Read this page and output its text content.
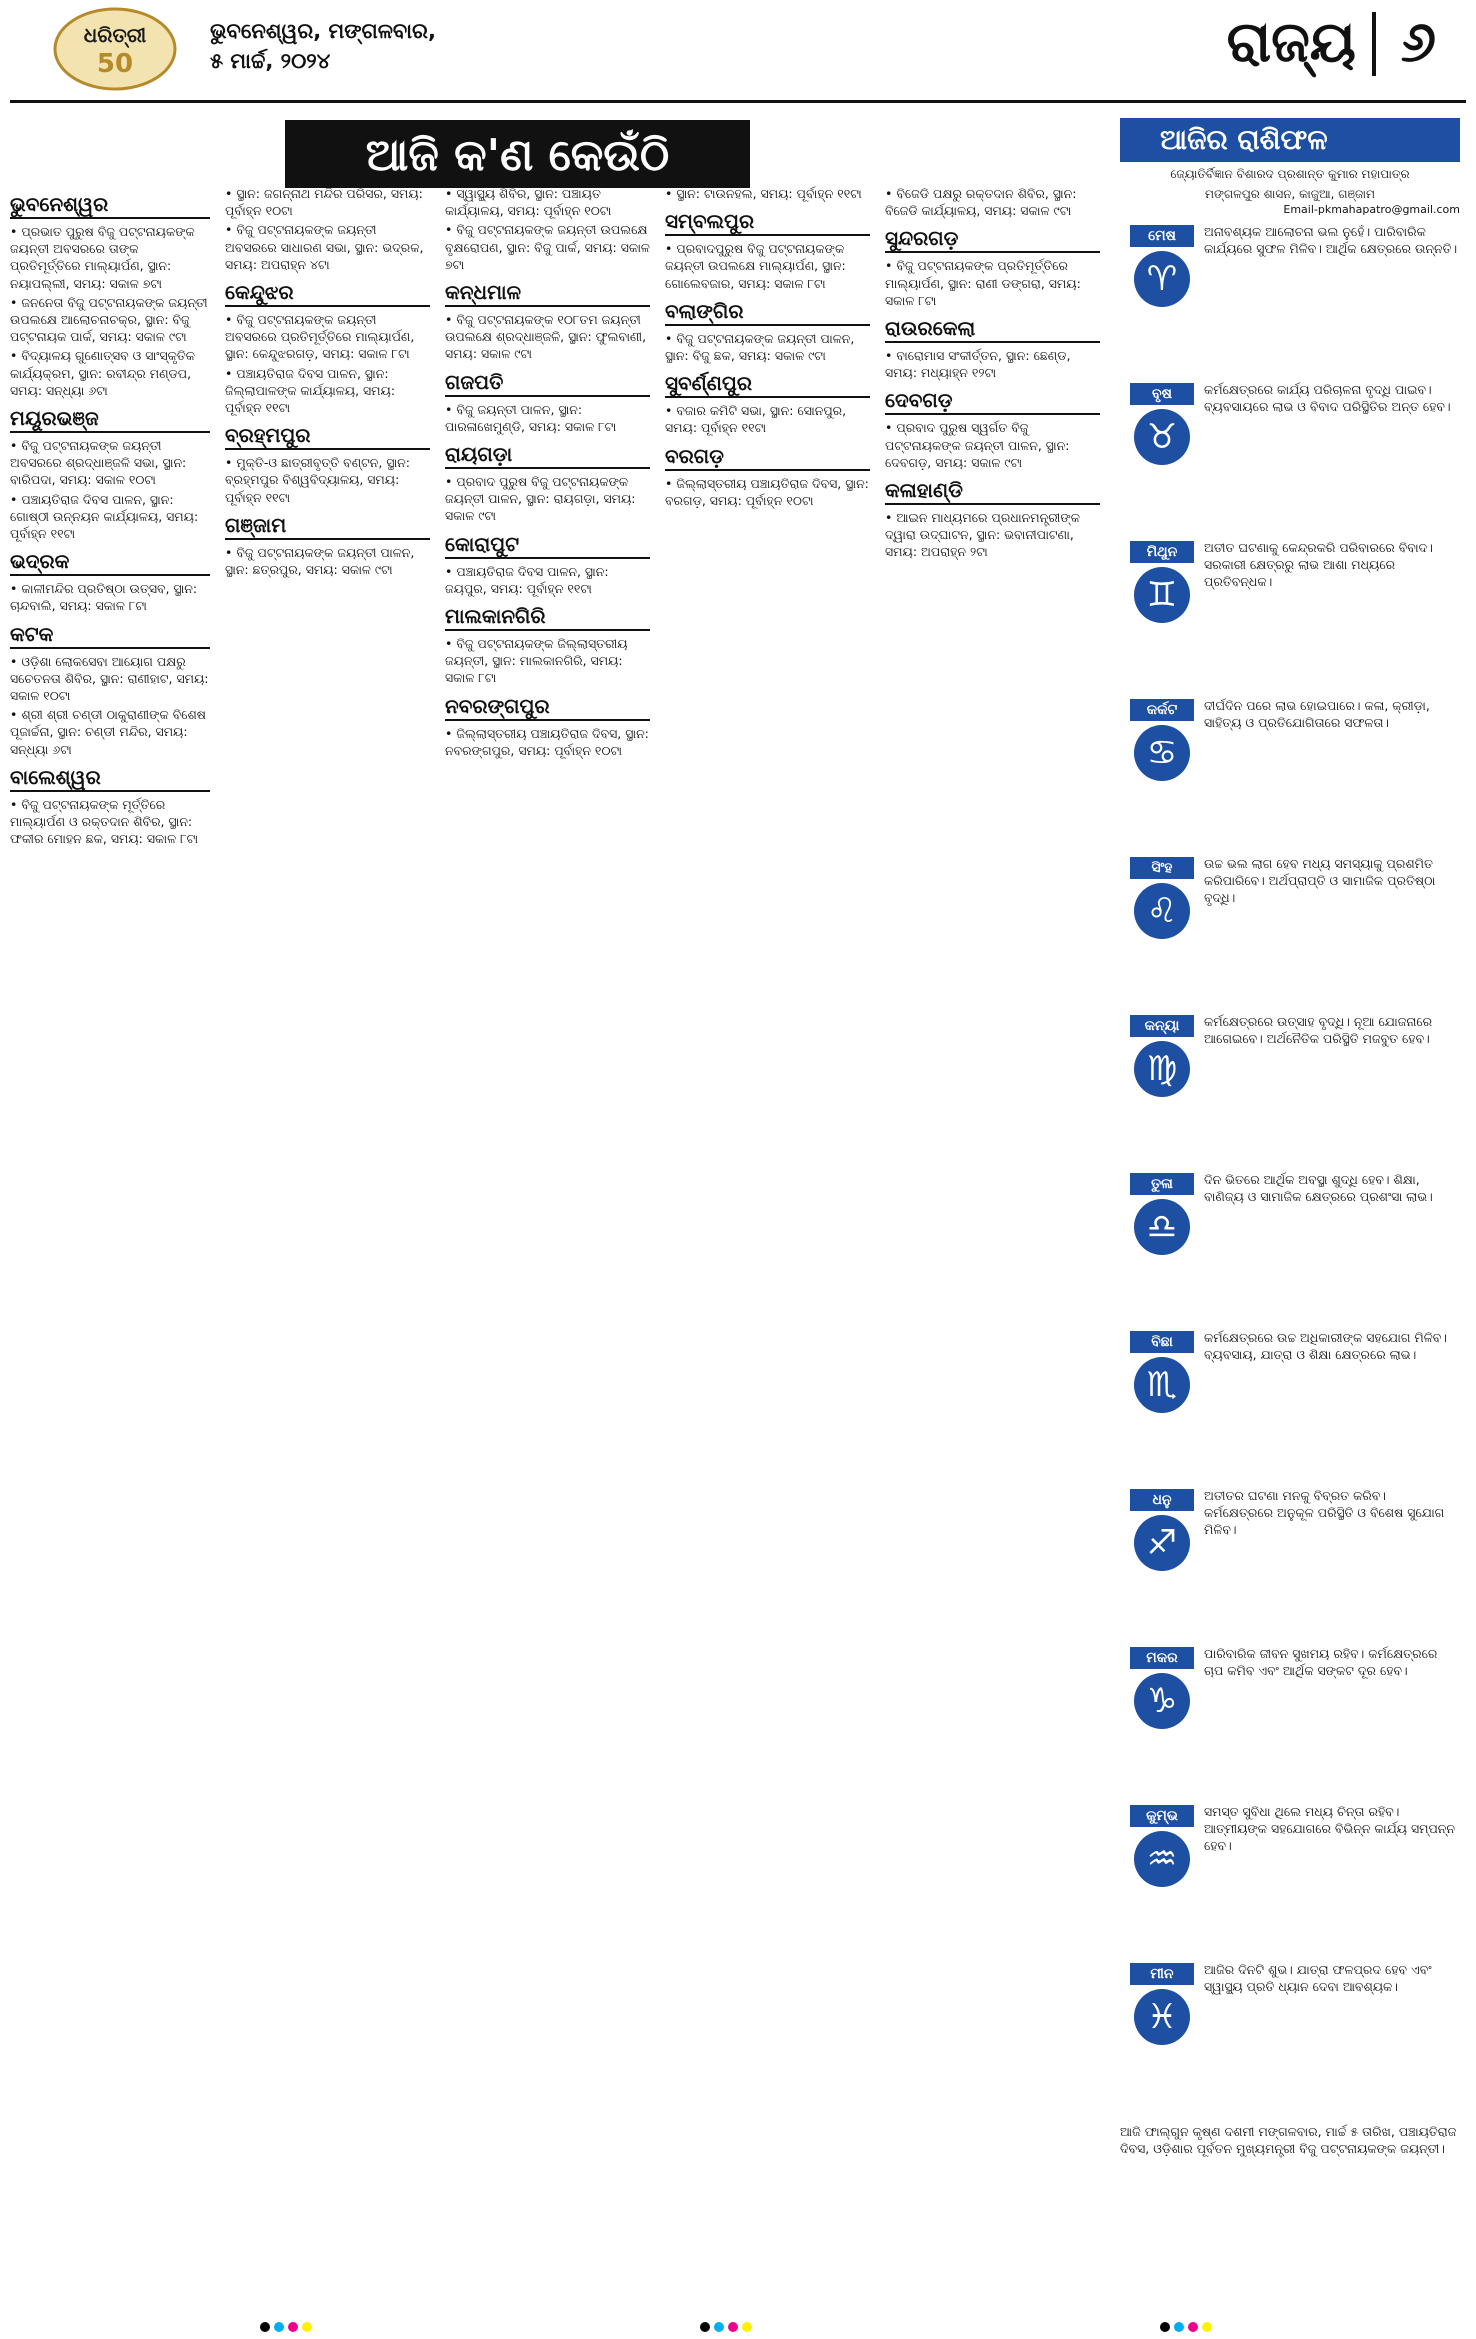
ଧରିତ୍ରୀ
50
ଭୁବନେଶ୍ୱର, ମଙ୍ଗଳବାର,
୫ ମାର୍ଚ୍ଚ, ୨୦୨୪	ରାଜ୍ୟ ୬
ଆଜି କ'ଣ କେଉଁଠି
ଭୁବନେଶ୍ୱର
• ପ୍ରଭାତ ପୁରୁଷ ବିଜୁ ପଟ୍ଟନାୟକଙ୍କ ଜୟନ୍ତୀ ଅବସରରେ ତାଙ୍କ ପ୍ରତିମୂର୍ତ୍ତିରେ ମାଲ୍ୟାର୍ପଣ, ସ୍ଥାନ: ନୟାପଲ୍ଲୀ, ସମୟ: ସକାଳ ୭ଟା
• ଜନନେତା ବିଜୁ ପଟ୍ଟନାୟକଙ୍କ ଜୟନ୍ତୀ ଉପଲକ୍ଷେ ଆଲୋଚନାଚକ୍ର, ସ୍ଥାନ: ବିଜୁ ପଟ୍ଟନାୟକ ପାର୍କ, ସମୟ: ସକାଳ ୯ଟା
• ବିଦ୍ୟାଳୟ ଗୁଣୋତ୍ସବ ଓ ସାଂସ୍କୃତିକ କାର୍ଯ୍ୟକ୍ରମ, ସ୍ଥାନ: ରବୀନ୍ଦ୍ର ମଣ୍ଡପ, ସମୟ: ସନ୍ଧ୍ୟା ୬ଟା
ମୟୂରଭଞ୍ଜ
• ବିଜୁ ପଟ୍ଟନାୟକଙ୍କ ଜୟନ୍ତୀ ଅବସରରେ ଶ୍ରଦ୍ଧାଞ୍ଜଳି ସଭା, ସ୍ଥାନ: ବାରିପଦା, ସମୟ: ସକାଳ ୧୦ଟା
• ପଞ୍ଚାୟତିରାଜ ଦିବସ ପାଳନ, ସ୍ଥାନ: ଗୋଷ୍ଠୀ ଉନ୍ନୟନ କାର୍ଯ୍ୟାଳୟ, ସମୟ: ପୂର୍ବାହ୍ନ ୧୧ଟା
ଭଦ୍ରକ
• କାଳୀମନ୍ଦିର ପ୍ରତିଷ୍ଠା ଉତ୍ସବ, ସ୍ଥାନ: ଚାନ୍ଦବାଲି, ସମୟ: ସକାଳ ୮ଟା
କଟକ
• ଓଡ଼ିଶା ଲୋକସେବା ଆୟୋଗ ପକ୍ଷରୁ ସଚେତନତା ଶିବିର, ସ୍ଥାନ: ରାଣୀହାଟ, ସମୟ: ସକାଳ ୧୦ଟା
• ଶ୍ରୀ ଶ୍ରୀ ଚଣ୍ଡୀ ଠାକୁରାଣୀଙ୍କ ବିଶେଷ ପୂଜାର୍ଚ୍ଚନା, ସ୍ଥାନ: ଚଣ୍ଡୀ ମନ୍ଦିର, ସମୟ: ସନ୍ଧ୍ୟା ୬ଟା
ବାଲେଶ୍ୱର
• ବିଜୁ ପଟ୍ଟନାୟକଙ୍କ ମୂର୍ତ୍ତିରେ ମାଲ୍ୟାର୍ପଣ ଓ ରକ୍ତଦାନ ଶିବିର, ସ୍ଥାନ: ଫକୀର ମୋହନ ଛକ, ସମୟ: ସକାଳ ୮ଟା
• ସ୍ଥାନ: ଜଗନ୍ନାଥ ମନ୍ଦିର ପରିସର, ସମୟ: ପୂର୍ବାହ୍ନ ୧୦ଟା
• ବିଜୁ ପଟ୍ଟନାୟକଙ୍କ ଜୟନ୍ତୀ ଅବସରରେ ସାଧାରଣ ସଭା, ସ୍ଥାନ: ଭଦ୍ରକ, ସମୟ: ଅପରାହ୍ନ ୪ଟା
କେନ୍ଦୁଝର
• ବିଜୁ ପଟ୍ଟନାୟକଙ୍କ ଜୟନ୍ତୀ ଅବସରରେ ପ୍ରତିମୂର୍ତ୍ତିରେ ମାଲ୍ୟାର୍ପଣ, ସ୍ଥାନ: କେନ୍ଦୁଝରଗଡ଼, ସମୟ: ସକାଳ ୮ଟା
• ପଞ୍ଚାୟତିରାଜ ଦିବସ ପାଳନ, ସ୍ଥାନ: ଜିଲ୍ଲାପାଳଙ୍କ କାର୍ଯ୍ୟାଳୟ, ସମୟ: ପୂର୍ବାହ୍ନ ୧୧ଟା
ବ୍ରହ୍ମପୁର
• ମୁକ୍ତି-ଓ ଛାତ୍ରୀବୃତ୍ତି ବଣ୍ଟନ, ସ୍ଥାନ: ବ୍ରହ୍ମପୁର ବିଶ୍ୱବିଦ୍ୟାଳୟ, ସମୟ: ପୂର୍ବାହ୍ନ ୧୧ଟା
ଗଞ୍ଜାମ
• ବିଜୁ ପଟ୍ଟନାୟକଙ୍କ ଜୟନ୍ତୀ ପାଳନ, ସ୍ଥାନ: ଛତ୍ରପୁର, ସମୟ: ସକାଳ ୯ଟା
• ସ୍ୱାସ୍ଥ୍ୟ ଶିବିର, ସ୍ଥାନ: ପଞ୍ଚାୟତ କାର୍ଯ୍ୟାଳୟ, ସମୟ: ପୂର୍ବାହ୍ନ ୧୦ଟା
• ବିଜୁ ପଟ୍ଟନାୟକଙ୍କ ଜୟନ୍ତୀ ଉପଲକ୍ଷେ ବୃକ୍ଷରୋପଣ, ସ୍ଥାନ: ବିଜୁ ପାର୍କ, ସମୟ: ସକାଳ ୭ଟା
କନ୍ଧମାଳ
• ବିଜୁ ପଟ୍ଟନାୟକଙ୍କ ୧୦୮ତମ ଜୟନ୍ତୀ ଉପଲକ୍ଷେ ଶ୍ରଦ୍ଧାଞ୍ଜଳି, ସ୍ଥାନ: ଫୁଲବାଣୀ, ସମୟ: ସକାଳ ୯ଟା
ଗଜପତି
• ବିଜୁ ଜୟନ୍ତୀ ପାଳନ, ସ୍ଥାନ: ପାରଳାଖେମୁଣ୍ଡି, ସମୟ: ସକାଳ ୮ଟା
ରାୟଗଡ଼ା
• ପ୍ରବାଦ ପୁରୁଷ ବିଜୁ ପଟ୍ଟନାୟକଙ୍କ ଜୟନ୍ତୀ ପାଳନ, ସ୍ଥାନ: ରାୟଗଡ଼ା, ସମୟ: ସକାଳ ୯ଟା
କୋରାପୁଟ
• ପଞ୍ଚାୟତିରାଜ ଦିବସ ପାଳନ, ସ୍ଥାନ: ଜୟପୁର, ସମୟ: ପୂର୍ବାହ୍ନ ୧୧ଟା
ମାଲକାନଗିରି
• ବିଜୁ ପଟ୍ଟନାୟକଙ୍କ ଜିଲ୍ଲାସ୍ତରୀୟ ଜୟନ୍ତୀ, ସ୍ଥାନ: ମାଲକାନଗିରି, ସମୟ: ସକାଳ ୮ଟା
ନବରଙ୍ଗପୁର
• ଜିଲ୍ଲାସ୍ତରୀୟ ପଞ୍ଚାୟତିରାଜ ଦିବସ, ସ୍ଥାନ: ନବରଙ୍ଗପୁର, ସମୟ: ପୂର୍ବାହ୍ନ ୧୦ଟା
• ସ୍ଥାନ: ଟାଉନହଲ, ସମୟ: ପୂର୍ବାହ୍ନ ୧୧ଟା
ସମ୍ବଲପୁର
• ପ୍ରବାଦପୁରୁଷ ବିଜୁ ପଟ୍ଟନାୟକଙ୍କ ଜୟନ୍ତୀ ଉପଲକ୍ଷେ ମାଲ୍ୟାର୍ପଣ, ସ୍ଥାନ: ଗୋଲେବଜାର, ସମୟ: ସକାଳ ୮ଟା
ବଲାଙ୍ଗିର
• ବିଜୁ ପଟ୍ଟନାୟକଙ୍କ ଜୟନ୍ତୀ ପାଳନ, ସ୍ଥାନ: ବିଜୁ ଛକ, ସମୟ: ସକାଳ ୯ଟା
ସୁବର୍ଣ୍ଣପୁର
• ବଜାର କମିଟି ସଭା, ସ୍ଥାନ: ସୋନପୁର, ସମୟ: ପୂର୍ବାହ୍ନ ୧୧ଟା
ବରଗଡ଼
• ଜିଲ୍ଲାସ୍ତରୀୟ ପଞ୍ଚାୟତିରାଜ ଦିବସ, ସ୍ଥାନ: ବରଗଡ଼, ସମୟ: ପୂର୍ବାହ୍ନ ୧୦ଟା
• ବିଜେଡି ପକ୍ଷରୁ ରକ୍ତଦାନ ଶିବିର, ସ୍ଥାନ: ବିଜେଡି କାର୍ଯ୍ୟାଳୟ, ସମୟ: ସକାଳ ୯ଟା
ସୁନ୍ଦରଗଡ଼
• ବିଜୁ ପଟ୍ଟନାୟକଙ୍କ ପ୍ରତିମୂର୍ତ୍ତିରେ ମାଲ୍ୟାର୍ପଣ, ସ୍ଥାନ: ରାଣୀ ଡଙ୍ଗରା, ସମୟ: ସକାଳ ୮ଟା
ରାଉରକେଲା
• ବାରୋମାସ ସଂକୀର୍ତ୍ତନ, ସ୍ଥାନ: ଛେଣ୍ଡ, ସମୟ: ମଧ୍ୟାହ୍ନ ୧୨ଟା
ଦେବଗଡ଼
• ପ୍ରବାଦ ପୁରୁଷ ସ୍ୱର୍ଗତ ବିଜୁ ପଟ୍ଟନାୟକଙ୍କ ଜୟନ୍ତୀ ପାଳନ, ସ୍ଥାନ: ଦେବଗଡ଼, ସମୟ: ସକାଳ ୯ଟା
କଳାହାଣ୍ଡି
• ଆଇନ ମାଧ୍ୟମରେ ପ୍ରଧାନମନ୍ତ୍ରୀଙ୍କ ଦ୍ୱାରା ଉଦ୍‌ଘାଟନ, ସ୍ଥାନ: ଭବାନୀପାଟଣା, ସମୟ: ଅପରାହ୍ନ ୨ଟା
ଆଜିର ରାଶିଫଳ
ଜ୍ୟୋତିର୍ବିଜ୍ଞାନ ବିଶାରଦ ପ୍ରଶାନ୍ତ କୁମାର ମହାପାତ୍ର
ମଙ୍ଗଳପୁର ଶାସନ, କାଜୁଆ, ଗଞ୍ଜାମ
Email-pkmahapatro@gmail.com
ମେଷ
♈
ଅନାବଶ୍ୟକ ଆଲୋଚନା ଭଲ ନୁହେଁ। ପାରିବାରିକ କାର୍ଯ୍ୟରେ ସୁଫଳ ମିଳିବ। ଆର୍ଥିକ କ୍ଷେତ୍ରରେ ଉନ୍ନତି।
ବୃଷ
♉
କର୍ମକ୍ଷେତ୍ରରେ କାର୍ଯ୍ୟ ପରିଚାଳନା ବୃଦ୍ଧି ପାଇବ। ବ୍ୟବସାୟରେ ଲାଭ ଓ ବିବାଦ ପରିସ୍ଥିତିର ଅନ୍ତ ହେବ।
ମିଥୁନ
♊
ଅତୀତ ଘଟଣାକୁ କେନ୍ଦ୍ରକରି ପରିବାରରେ ବିବାଦ। ସରକାରୀ କ୍ଷେତ୍ରରୁ ଲାଭ ଆଶା ମଧ୍ୟରେ ପ୍ରତିବନ୍ଧକ।
କର୍କଟ
♋
ଦୀର୍ଘଦିନ ପରେ ଲାଭ ହୋଇପାରେ। କଳା, କ୍ରୀଡ଼ା, ସାହିତ୍ୟ ଓ ପ୍ରତିଯୋଗିତାରେ ସଫଳତା।
ସିଂହ
♌
ଉଚ୍ଚ ଭଲ ଲାଗ ହେବ ମଧ୍ୟ ସମସ୍ୟାକୁ ପ୍ରଶମିତ କରିପାରିବେ। ଅର୍ଥପ୍ରାପ୍ତି ଓ ସାମାଜିକ ପ୍ରତିଷ୍ଠା ବୃଦ୍ଧି।
କନ୍ୟା
♍
କର୍ମକ୍ଷେତ୍ରରେ ଉତ୍ସାହ ବୃଦ୍ଧି। ନୂଆ ଯୋଜନାରେ ଆଗେଇବେ। ଅର୍ଥନୈତିକ ପରିସ୍ଥିତି ମଜବୁତ ହେବ।
ତୁଳା
♎
ଦିନ ଭିତରେ ଆର୍ଥିକ ଅବସ୍ଥା ଶୁଦ୍ଧି ହେବ। ଶିକ୍ଷା, ବାଣିଜ୍ୟ ଓ ସାମାଜିକ କ୍ଷେତ୍ରରେ ପ୍ରଶଂସା ଲାଭ।
ବିଛା
♏
କର୍ମକ୍ଷେତ୍ରରେ ଉଚ୍ଚ ଅଧିକାରୀଙ୍କ ସହଯୋଗ ମିଳିବ। ବ୍ୟବସାୟ, ଯାତ୍ରା ଓ ଶିକ୍ଷା କ୍ଷେତ୍ରରେ ଲାଭ।
ଧନୁ
♐
ଅତୀତର ଘଟଣା ମନକୁ ବିବ୍ରତ କରିବ। କର୍ମକ୍ଷେତ୍ରରେ ଅନୁକୂଳ ପରିସ୍ଥିତି ଓ ବିଶେଷ ସୁଯୋଗ ମିଳିବ।
ମକର
♑
ପାରିବାରିକ ଜୀବନ ସୁଖମୟ ରହିବ। କର୍ମକ୍ଷେତ୍ରରେ ଚାପ କମିବ ଏବଂ ଆର୍ଥିକ ସଙ୍କଟ ଦୂର ହେବ।
କୁମ୍ଭ
♒
ସମସ୍ତ ସୁବିଧା ଥିଲେ ମଧ୍ୟ ଚିନ୍ତା ରହିବ। ଆତ୍ମୀୟଙ୍କ ସହଯୋଗରେ ବିଭିନ୍ନ କାର୍ଯ୍ୟ ସମ୍ପନ୍ନ ହେବ।
ମୀନ
♓
ଆଜିର ଦିନଟି ଶୁଭ। ଯାତ୍ରା ଫଳପ୍ରଦ ହେବ ଏବଂ ସ୍ୱାସ୍ଥ୍ୟ ପ୍ରତି ଧ୍ୟାନ ଦେବା ଆବଶ୍ୟକ।
ଆଜି ଫାଲ୍‌ଗୁନ କୃଷ୍ଣ ଦଶମୀ ମଙ୍ଗଳବାର, ମାର୍ଚ୍ଚ ୫ ତାରିଖ, ପଞ୍ଚାୟତିରାଜ ଦିବସ, ଓଡ଼ିଶାର ପୂର୍ବତନ ମୁଖ୍ୟମନ୍ତ୍ରୀ ବିଜୁ ପଟ୍ଟନାୟକଙ୍କ ଜୟନ୍ତୀ।
